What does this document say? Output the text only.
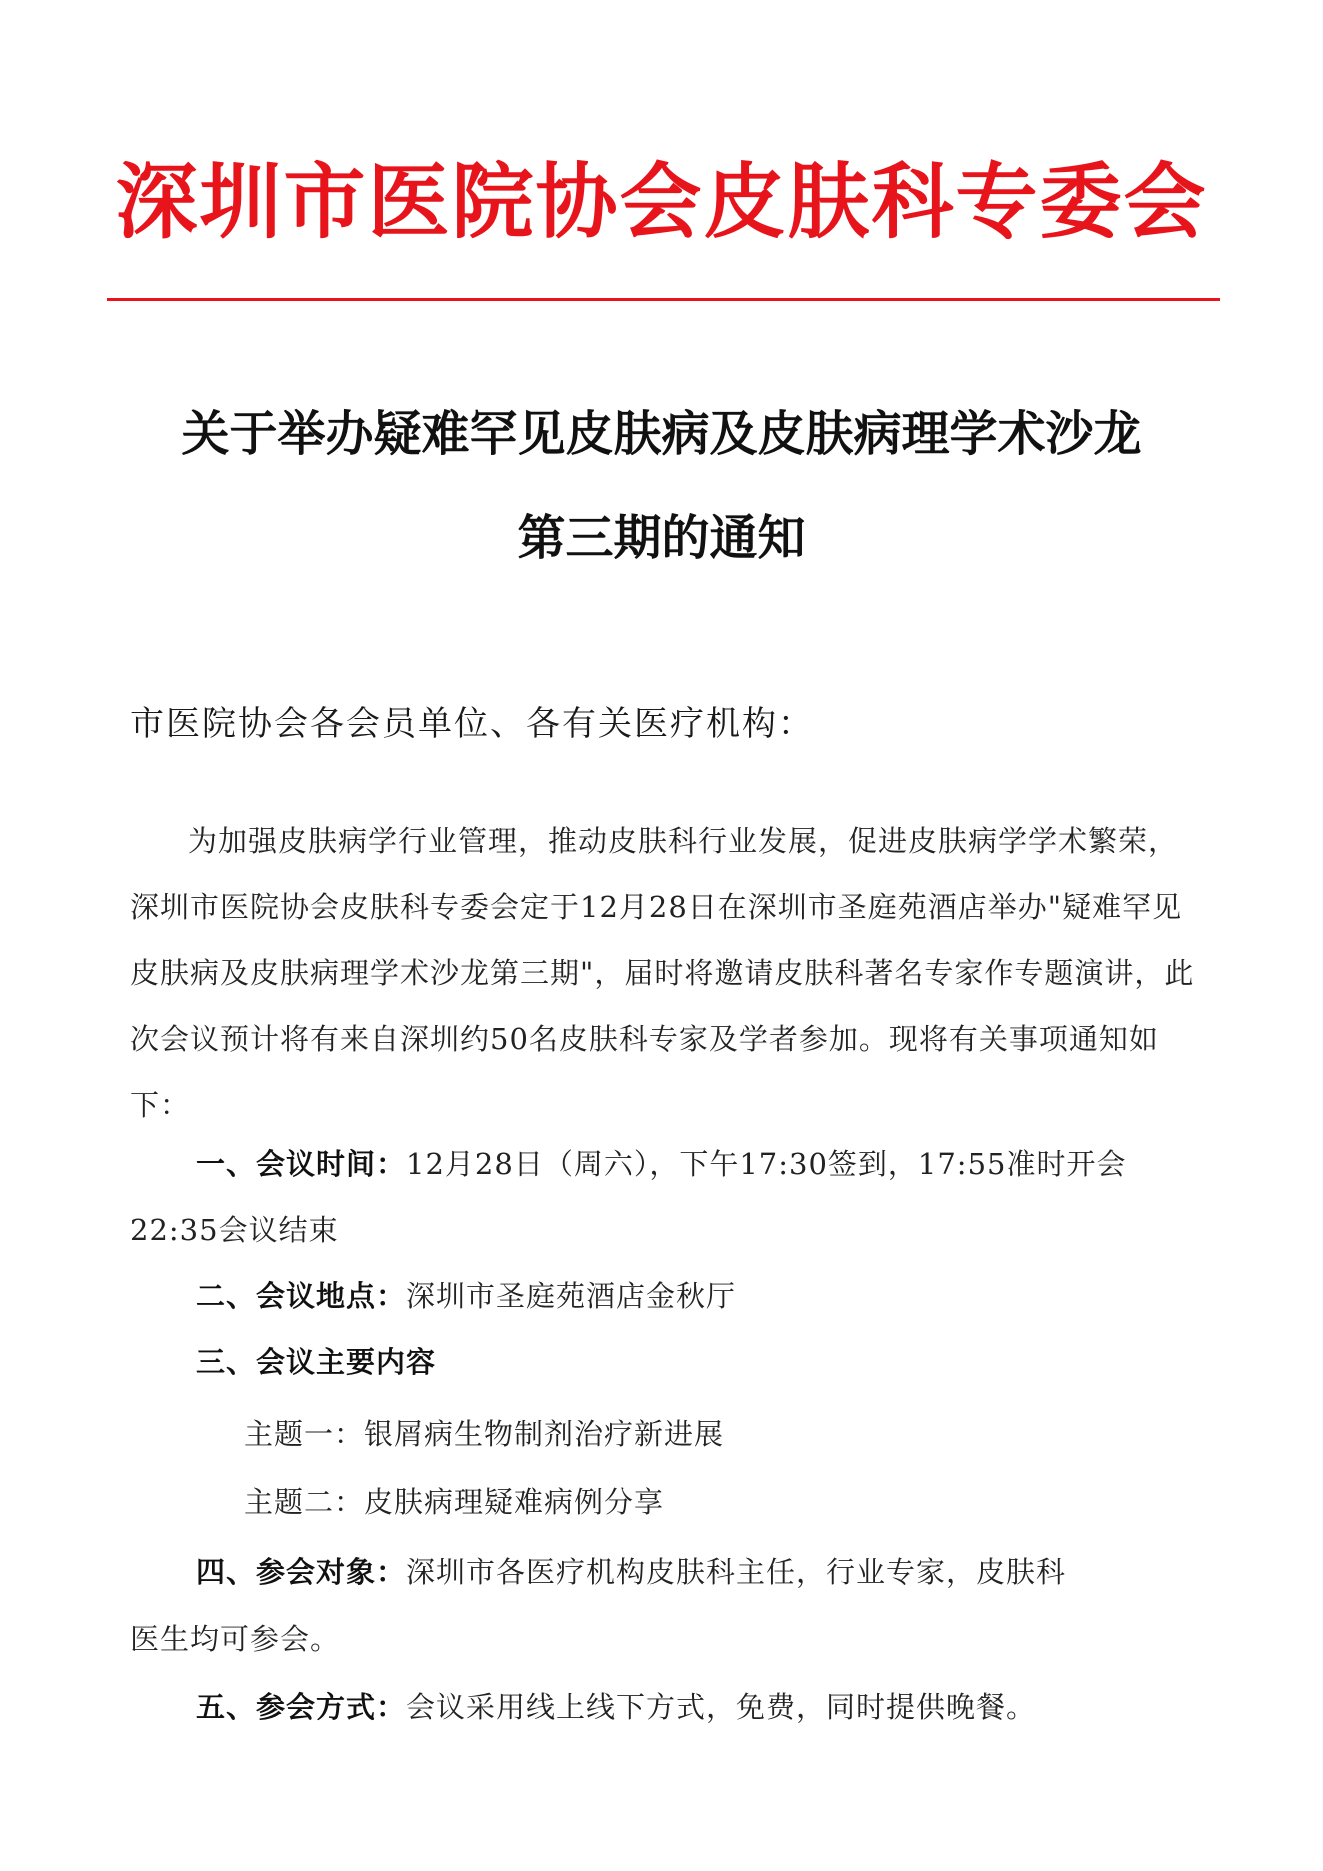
深圳市医院协会皮肤科专委会
关于举办疑难罕见皮肤病及皮肤病理学术沙龙
第三期的通知
市医院协会各会员单位、各有关医疗机构：
为加强皮肤病学行业管理，推动皮肤科行业发展，促进皮肤病学学术繁荣，深圳市医院协会皮肤科专委会定于12月28日在深圳市圣庭苑酒店举办"疑难罕见皮肤病及皮肤病理学术沙龙第三期"，届时将邀请皮肤科著名专家作专题演讲，此次会议预计将有来自深圳约50名皮肤科专家及学者参加。现将有关事项通知如下：
一、会议时间：12月28日（周六），下午17:30签到，17:55准时开会
22:35会议结束
二、会议地点：深圳市圣庭苑酒店金秋厅
三、会议主要内容
主题一：银屑病生物制剂治疗新进展
主题二：皮肤病理疑难病例分享
四、参会对象：深圳市各医疗机构皮肤科主任，行业专家，皮肤科
医生均可参会。
五、参会方式：会议采用线上线下方式，免费，同时提供晚餐。
